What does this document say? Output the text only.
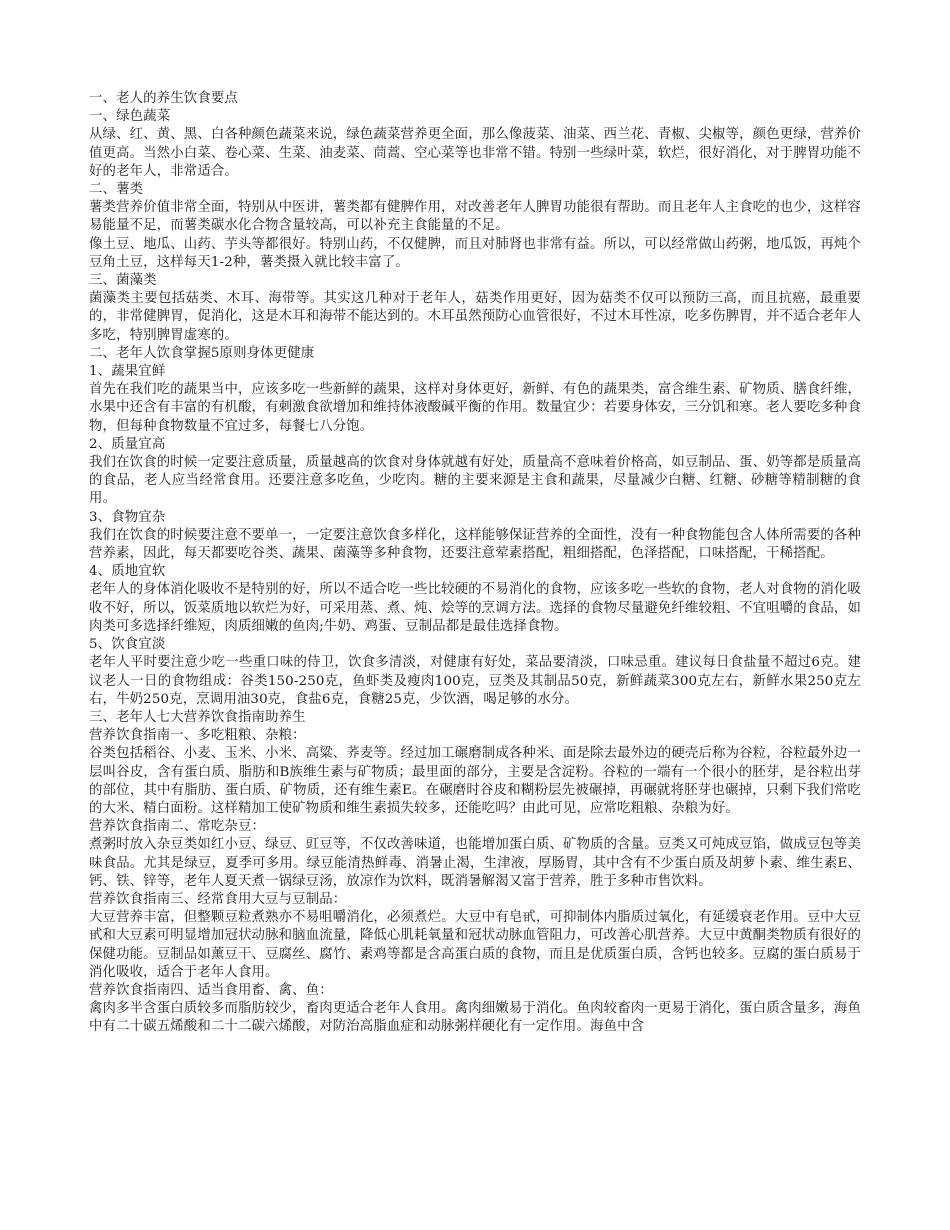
一、老人的养生饮食要点

一、绿色蔬菜

从绿、红、黄、黑、白各种颜色蔬菜来说，绿色蔬菜营养更全面，那么像菠菜、油菜、西兰花、青椒、尖椒等，颜色更绿，营养价值更高。当然小白菜、卷心菜、生菜、油麦菜、茼蒿、空心菜等也非常不错。特别一些绿叶菜，软烂，很好消化，对于脾胃功能不好的老年人，非常适合。

二、薯类

薯类营养价值非常全面，特别从中医讲，薯类都有健脾作用，对改善老年人脾胃功能很有帮助。而且老年人主食吃的也少，这样容易能量不足，而薯类碳水化合物含量较高，可以补充主食能量的不足。

像土豆、地瓜、山药、芋头等都很好。特别山药，不仅健脾，而且对肺肾也非常有益。所以，可以经常做山药粥，地瓜饭，再炖个豆角土豆，这样每天1-2种，薯类摄入就比较丰富了。

三、菌藻类

菌藻类主要包括菇类、木耳、海带等。其实这几种对于老年人，菇类作用更好，因为菇类不仅可以预防三高，而且抗癌，最重要的，非常健脾胃，促消化，这是木耳和海带不能达到的。木耳虽然预防心血管很好，不过木耳性凉，吃多伤脾胃，并不适合老年人多吃，特别脾胃虚寒的。

二、老年人饮食掌握5原则身体更健康

1、蔬果宜鲜

首先在我们吃的蔬果当中，应该多吃一些新鲜的蔬果，这样对身体更好，新鲜、有色的蔬果类，富含维生素、矿物质、膳食纤维，水果中还含有丰富的有机酸，有刺激食欲增加和维持体液酸碱平衡的作用。数量宜少：若要身体安，三分饥和寒。老人要吃多种食物，但每种食物数量不宜过多，每餐七八分饱。

2、质量宜高

我们在饮食的时候一定要注意质量，质量越高的饮食对身体就越有好处，质量高不意味着价格高，如豆制品、蛋、奶等都是质量高的食品，老人应当经常食用。还要注意多吃鱼，少吃肉。糖的主要来源是主食和蔬果，尽量减少白糖、红糖、砂糖等精制糖的食用。

3、食物宜杂

我们在饮食的时候要注意不要单一，一定要注意饮食多样化，这样能够保证营养的全面性，没有一种食物能包含人体所需要的各种营养素，因此，每天都要吃谷类、蔬果、菌藻等多种食物，还要注意荤素搭配，粗细搭配，色泽搭配，口味搭配，干稀搭配。

4、质地宜软

老年人的身体消化吸收不是特别的好，所以不适合吃一些比较硬的不易消化的食物，应该多吃一些软的食物，老人对食物的消化吸收不好，所以，饭菜质地以软烂为好，可采用蒸、煮、炖、烩等的烹调方法。选择的食物尽量避免纤维较粗、不宜咀嚼的食品，如肉类可多选择纤维短，肉质细嫩的鱼肉;牛奶、鸡蛋、豆制品都是最佳选择食物。

5、饮食宜淡

老年人平时要注意少吃一些重口味的侍卫，饮食多清淡，对健康有好处，菜品要清淡，口味忌重。建议每日食盐量不超过6克。建议老人一日的食物组成：谷类150-250克，鱼虾类及瘦肉100克，豆类及其制品50克，新鲜蔬菜300克左右，新鲜水果250克左右，牛奶250克，烹调用油30克，食盐6克，食糖25克，少饮酒，喝足够的水分。

三、老年人七大营养饮食指南助养生

营养饮食指南一、多吃粗粮、杂粮：

谷类包括稻谷、小麦、玉米、小米、高粱、荞麦等。经过加工碾磨制成各种米、面是除去最外边的硬壳后称为谷粒，谷粒最外边一层叫谷皮，含有蛋白质、脂肪和B族维生素与矿物质；最里面的部分，主要是含淀粉。谷粒的一端有一个很小的胚芽，是谷粒出芽的部位，其中有脂肪、蛋白质、矿物质，还有维生素E。在碾磨时谷皮和糊粉层先被碾掉，再碾就将胚芽也碾掉，只剩下我们常吃的大米、精白面粉。这样精加工使矿物质和维生素损失较多，还能吃吗？由此可见，应常吃粗粮、杂粮为好。

营养饮食指南二、常吃杂豆：

煮粥时放入杂豆类如红小豆、绿豆、豇豆等，不仅改善味道，也能增加蛋白质、矿物质的含量。豆类又可炖成豆馅，做成豆包等美味食品。尤其是绿豆，夏季可多用。绿豆能清热鲜毒、消暑止渴，生津液，厚肠胃，其中含有不少蛋白质及胡萝卜素、维生素E、钙、铁、锌等，老年人夏天煮一锅绿豆汤，放凉作为饮料，既消暑解渴又富于营养，胜于多种市售饮料。

营养饮食指南三、经常食用大豆与豆制品：

大豆营养丰富，但整颗豆粒煮熟亦不易咀嚼消化，必须煮烂。大豆中有皂甙，可抑制体内脂质过氧化，有延缓衰老作用。豆中大豆甙和大豆素可明显增加冠状动脉和脑血流量，降低心肌耗氧量和冠状动脉血管阻力，可改善心肌营养。大豆中黄酮类物质有很好的保健功能。豆制品如薰豆干、豆腐丝、腐竹、素鸡等都是含高蛋白质的食物，而且是优质蛋白质，含钙也较多。豆腐的蛋白质易于消化吸收，适合于老年人食用。

营养饮食指南四、适当食用畜、禽、鱼：

禽肉多半含蛋白质较多而脂肪较少，畜肉更适合老年人食用。禽肉细嫩易于消化。鱼肉较畜肉一更易于消化，蛋白质含量多，海鱼中有二十碳五烯酸和二十二碳六烯酸，对防治高脂血症和动脉粥样硬化有一定作用。海鱼中含
